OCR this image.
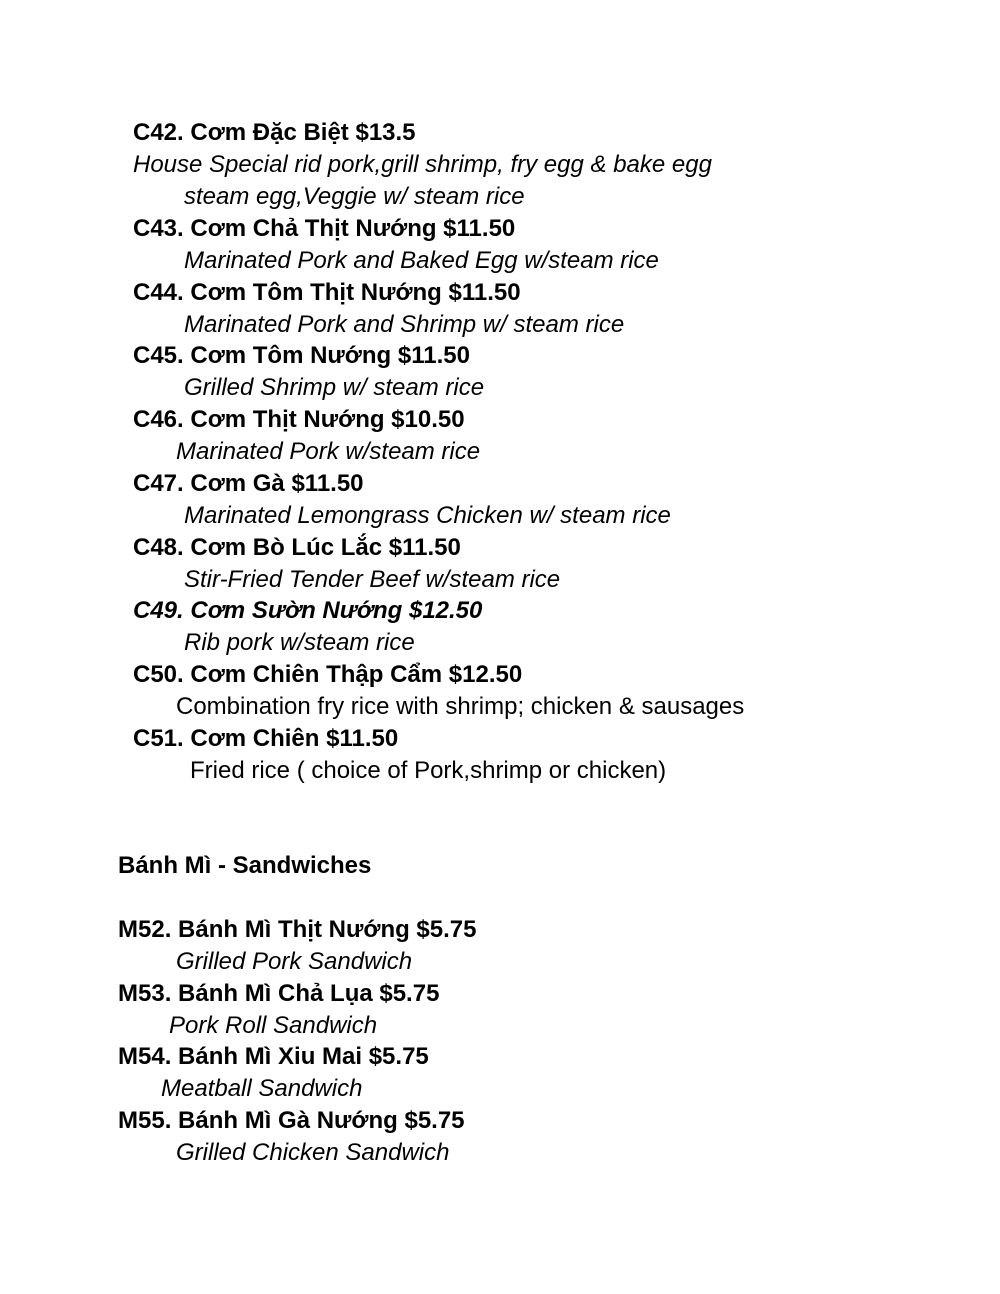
C42. Cơm Đặc Biệt $13.5
House Special rid pork,grill shrimp, fry egg & bake egg
steam egg,Veggie w/ steam rice
C43. Cơm Chả Thịt Nướng $11.50
Marinated Pork and Baked Egg w/steam rice
C44. Cơm Tôm Thịt Nướng $11.50
Marinated Pork and Shrimp w/ steam rice
C45. Cơm Tôm Nướng $11.50
Grilled Shrimp w/ steam rice
C46. Cơm Thịt Nướng $10.50
Marinated Pork w/steam rice
C47. Cơm Gà $11.50
Marinated Lemongrass Chicken w/ steam rice
C48. Cơm Bò Lúc Lắc $11.50
Stir-Fried Tender Beef w/steam rice
C49. Cơm Sườn Nướng $12.50
Rib pork w/steam rice
C50. Cơm Chiên Thập Cẩm $12.50
Combination fry rice with shrimp; chicken & sausages
C51. Cơm Chiên $11.50
Fried rice ( choice of Pork,shrimp or chicken)
Bánh Mì - Sandwiches
M52. Bánh Mì Thịt Nướng $5.75
Grilled Pork Sandwich
M53. Bánh Mì Chả Lụa $5.75
Pork Roll Sandwich
M54. Bánh Mì Xiu Mai $5.75
Meatball Sandwich
M55. Bánh Mì Gà Nướng $5.75
Grilled Chicken Sandwich
